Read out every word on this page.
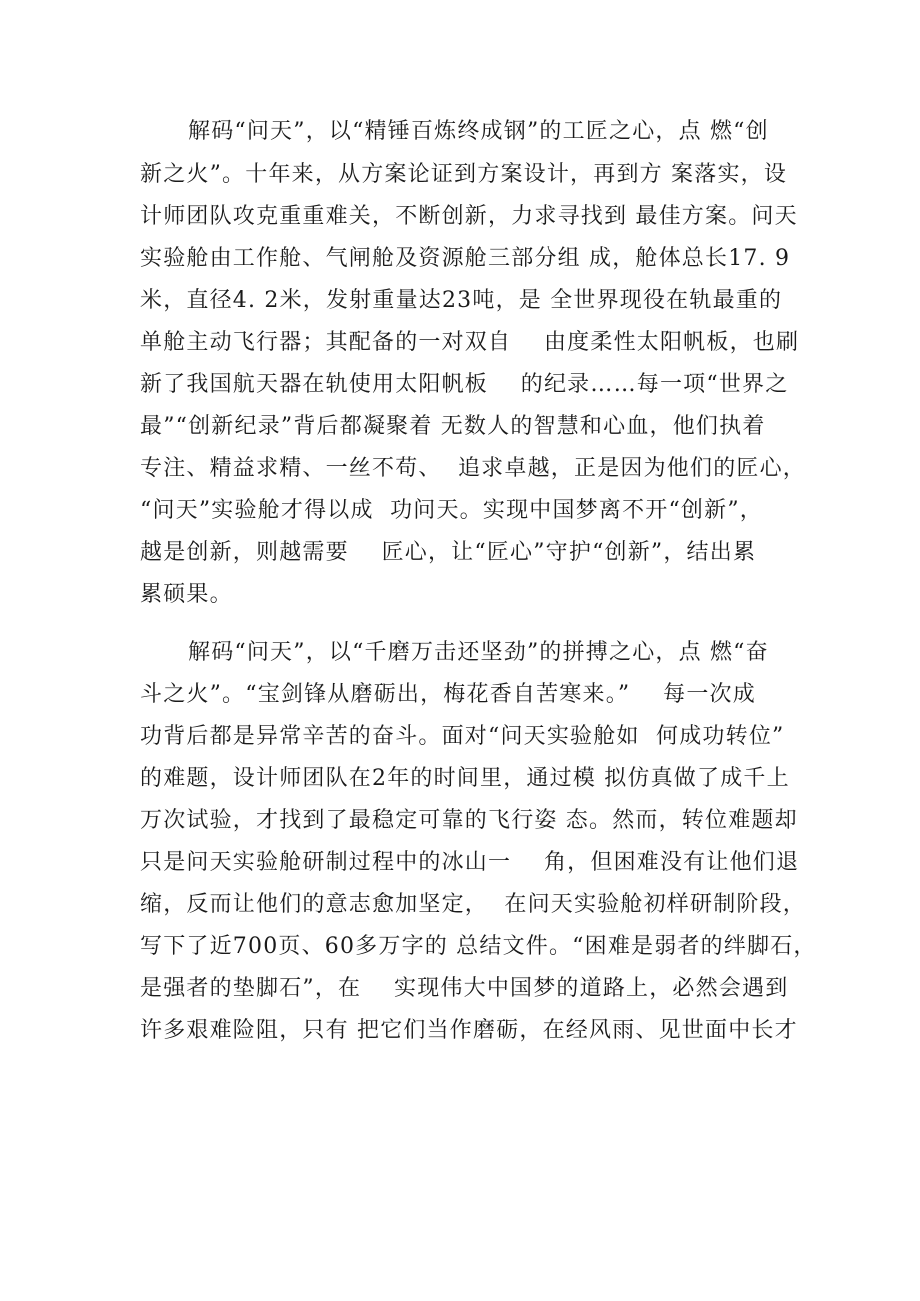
解码“问天”，以“精锤百炼终成钢”的工匠之心，点 燃“创
新之火”。十年来，从方案论证到方案设计，再到方 案落实，设
计师团队攻克重重难关，不断创新，力求寻找到 最佳方案。问天
实验舱由工作舱、气闸舱及资源舱三部分组 成，舱体总长17. 9
米，直径4. 2米，发射重量达23吨，是 全世界现役在轨最重的
单舱主动飞行器；其配备的一对双自    由度柔性太阳帆板，也刷
新了我国航天器在轨使用太阳帆板    的纪录……每一项“世界之
最”“创新纪录”背后都凝聚着 无数人的智慧和心血，他们执着
专注、精益求精、一丝不苟、  追求卓越，正是因为他们的匠心，
“问天”实验舱才得以成  功问天。实现中国梦离不开“创新”，
越是创新，则越需要    匠心，让“匠心”守护“创新”，结出累
累硕果。
解码“问天”，以“千磨万击还坚劲”的拼搏之心，点 燃“奋
斗之火”。“宝剑锋从磨砺出，梅花香自苦寒来。”    每一次成
功背后都是异常辛苦的奋斗。面对“问天实验舱如  何成功转位”
的难题，设计师团队在2年的时间里，通过模 拟仿真做了成千上
万次试验，才找到了最稳定可靠的飞行姿 态。然而，转位难题却
只是问天实验舱研制过程中的冰山一    角，但困难没有让他们退
缩，反而让他们的意志愈加坚定，  在问天实验舱初样研制阶段，
写下了近700页、60多万字的 总结文件。“困难是弱者的绊脚石，
是强者的垫脚石”，在    实现伟大中国梦的道路上，必然会遇到
许多艰难险阻，只有 把它们当作磨砺，在经风雨、见世面中长才
